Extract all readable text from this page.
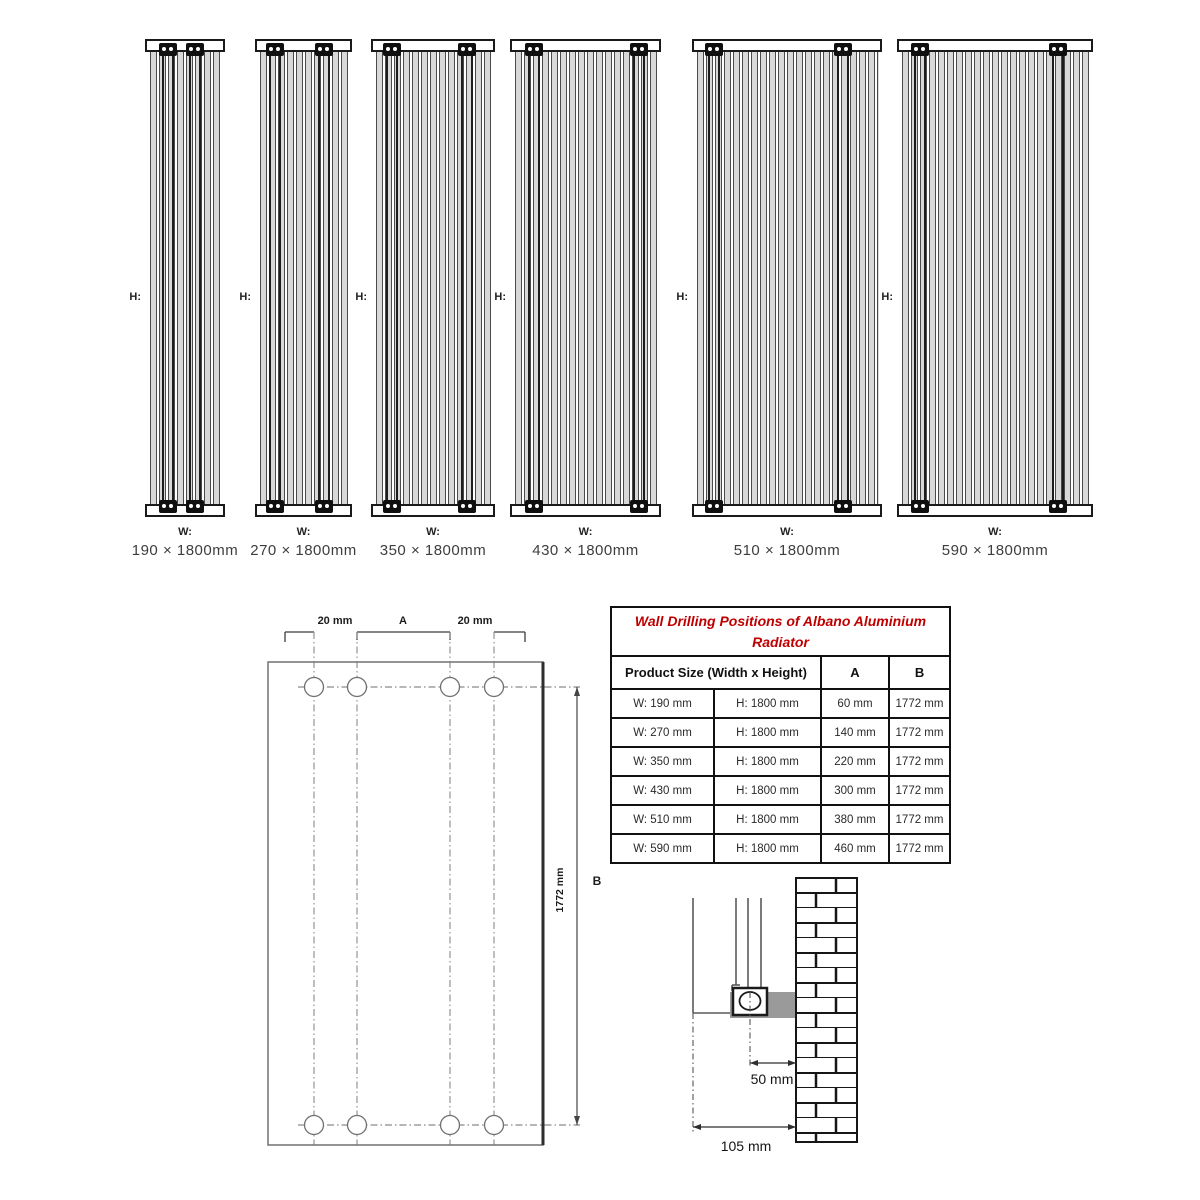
H:
W:
190 × 1800mm
H:
W:
270 × 1800mm
H:
W:
350 × 1800mm
H:
W:
430 × 1800mm
H:
W:
510 × 1800mm
H:
W:
590 × 1800mm
20 mm	A	20 mm
1772 mm B
Wall Drilling Positions of Albano Aluminium Radiator			
Product Size (Width x Height)		A	B
W: 190 mm	H: 1800 mm	60 mm	1772 mm
W: 270 mm	H: 1800 mm	140 mm	1772 mm
W: 350 mm	H: 1800 mm	220 mm	1772 mm
W: 430 mm	H: 1800 mm	300 mm	1772 mm
W: 510 mm	H: 1800 mm	380 mm	1772 mm
W: 590 mm	H: 1800 mm	460 mm	1772 mm
50 mm
105 mm
